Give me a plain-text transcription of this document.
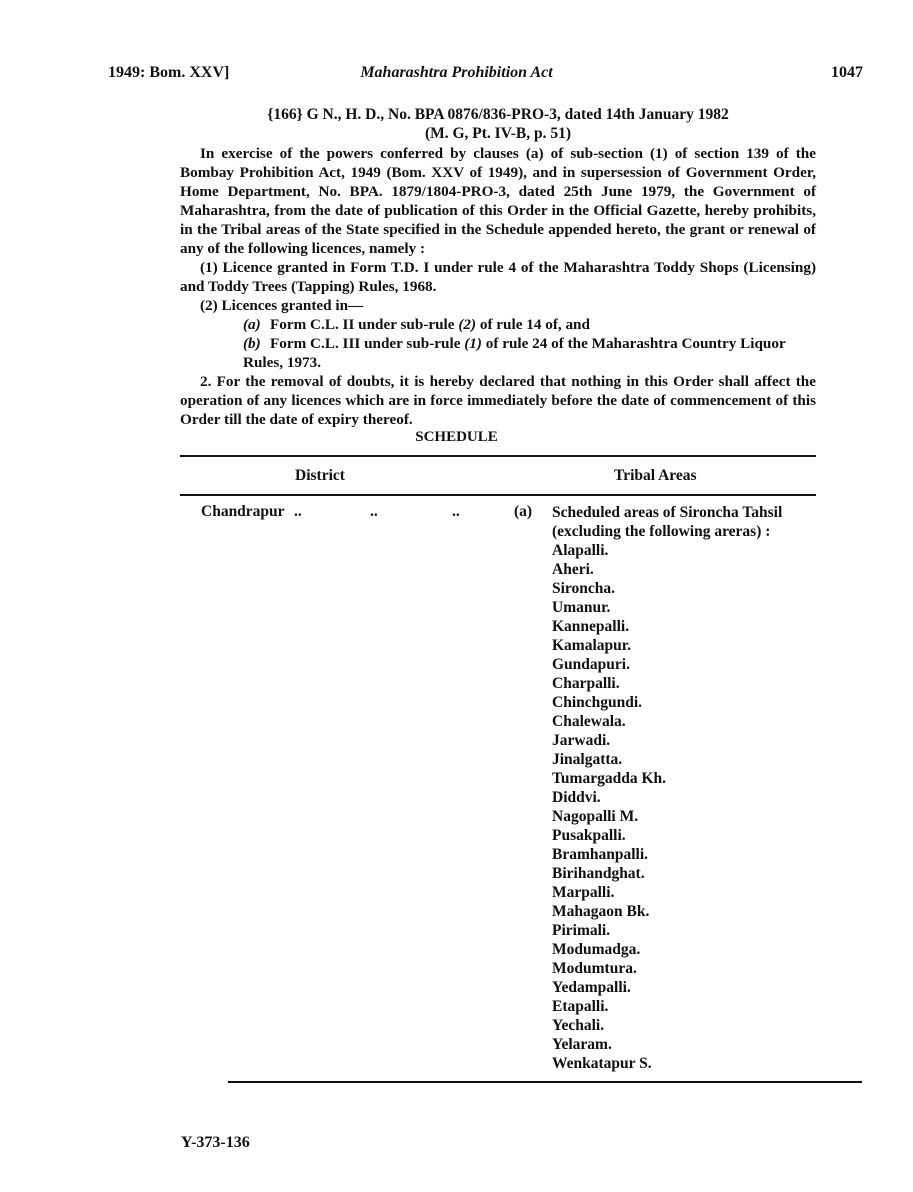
1949: Bom. XXV]	Maharashtra Prohibition Act	1047
{166} G N., H. D., No. BPA 0876/836-PRO-3, dated 14th January 1982
(M. G, Pt. IV-B, p. 51)
In exercise of the powers conferred by clauses (a) of sub-section (1) of section 139 of the Bombay Prohibition Act, 1949 (Bom. XXV of 1949), and in supersession of Government Order, Home Department, No. BPA. 1879/1804-PRO-3, dated 25th June 1979, the Government of Maharashtra, from the date of publication of this Order in the Official Gazette, hereby prohibits, in the Tribal areas of the State specified in the Schedule appended hereto, the grant or renewal of any of the following licences, namely :
(1) Licence granted in Form T.D. I under rule 4 of the Maharashtra Toddy Shops (Licensing) and Toddy Trees (Tapping) Rules, 1968.
(2) Licences granted in—
(a) Form C.L. II under sub-rule (2) of rule 14 of, and
(b) Form C.L. III under sub-rule (1) of rule 24 of the Maharashtra Country Liquor Rules, 1973.
2. For the removal of doubts, it is hereby declared that nothing in this Order shall affect the operation of any licences which are in force immediately before the date of commencement of this Order till the date of expiry thereof.
SCHEDULE
District	Tribal Areas
Chandrapur ..	..	..	(a) Scheduled areas of Sironcha Tahsil (excluding the following areras) :
Alapalli.
Aheri.
Sironcha.
Umanur.
Kannepalli.
Kamalapur.
Gundapuri.
Charpalli.
Chinchgundi.
Chalewala.
Jarwadi.
Jinalgatta.
Tumargadda Kh.
Diddvi.
Nagopalli M.
Pusakpalli.
Bramhanpalli.
Birihandghat.
Marpalli.
Mahagaon Bk.
Pirimali.
Modumadga.
Modumtura.
Yedampalli.
Etapalli.
Yechali.
Yelaram.
Wenkatapur S.
Y-373-136
